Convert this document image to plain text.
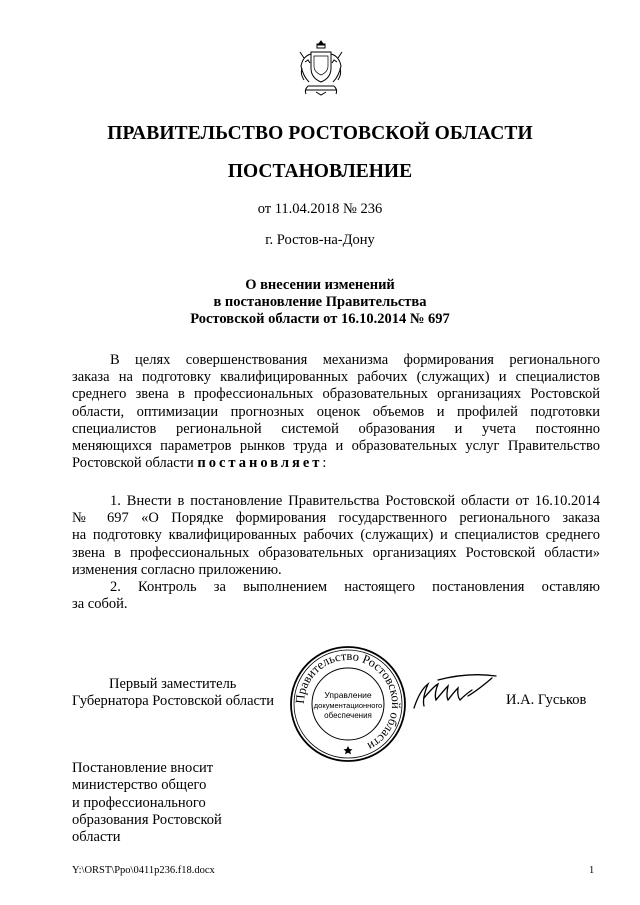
ПРАВИТЕЛЬСТВО РОСТОВСКОЙ ОБЛАСТИ
ПОСТАНОВЛЕНИЕ
от 11.04.2018 № 236
г. Ростов-на-Дону
О внесении изменений
в постановление Правительства
Ростовской области от 16.10.2014 № 697
В целях совершенствования механизма формирования регионального
заказа на подготовку квалифицированных рабочих (служащих) и специалистов
среднего звена в профессиональных образовательных организациях Ростовской
области, оптимизации прогнозных оценок объемов и профилей подготовки
специалистов региональной системой образования и учета постоянно
меняющихся параметров рынков труда и образовательных услуг Правительство
Ростовской области постановляет:
1. Внести в постановление Правительства Ростовской области от 16.10.2014
№ 697 «О Порядке формирования государственного регионального заказа
на подготовку квалифицированных рабочих (служащих) и специалистов среднего
звена в профессиональных образовательных организациях Ростовской области»
изменения согласно приложению.
2. Контроль за выполнением настоящего постановления оставляю
за собой.
Первый заместитель
Губернатора Ростовской области Правительство Ростовской области
Управление
документационного
обеспечения
И.А. Гуськов
Постановление вносит
министерство общего
и профессионального
образования Ростовской
области
Y:\ORST\Ppo\0411p236.f18.docx	1
